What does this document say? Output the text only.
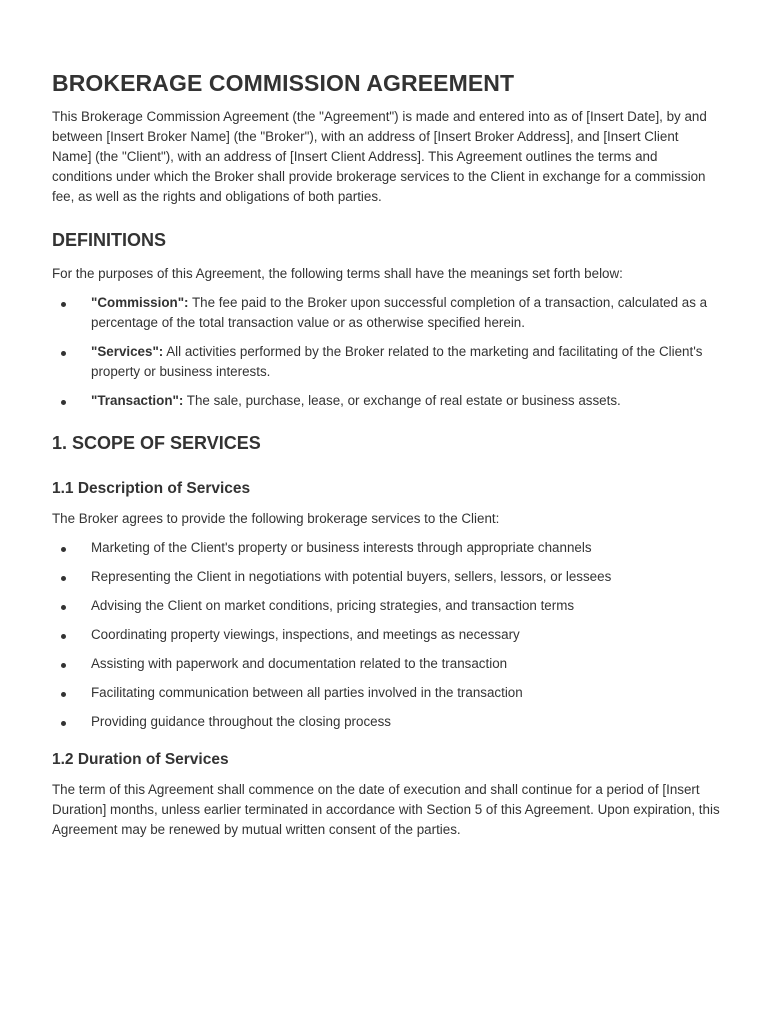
BROKERAGE COMMISSION AGREEMENT

This Brokerage Commission Agreement (the "Agreement") is made and entered into as of [Insert Date], by and between [Insert Broker Name] (the "Broker"), with an address of [Insert Broker Address], and [Insert Client Name] (the "Client"), with an address of [Insert Client Address]. This Agreement outlines the terms and conditions under which the Broker shall provide brokerage services to the Client in exchange for a commission fee, as well as the rights and obligations of both parties.

DEFINITIONS

For the purposes of this Agreement, the following terms shall have the meanings set forth below:

"Commission": The fee paid to the Broker upon successful completion of a transaction, calculated as a percentage of the total transaction value or as otherwise specified herein.
"Services": All activities performed by the Broker related to the marketing and facilitating of the Client's property or business interests.
"Transaction": The sale, purchase, lease, or exchange of real estate or business assets.
1. SCOPE OF SERVICES
1.1 Description of Services

The Broker agrees to provide the following brokerage services to the Client:

Marketing of the Client's property or business interests through appropriate channels
Representing the Client in negotiations with potential buyers, sellers, lessors, or lessees
Advising the Client on market conditions, pricing strategies, and transaction terms
Coordinating property viewings, inspections, and meetings as necessary
Assisting with paperwork and documentation related to the transaction
Facilitating communication between all parties involved in the transaction
Providing guidance throughout the closing process
1.2 Duration of Services

The term of this Agreement shall commence on the date of execution and shall continue for a period of [Insert Duration] months, unless earlier terminated in accordance with Section 5 of this Agreement. Upon expiration, this Agreement may be renewed by mutual written consent of the parties.
